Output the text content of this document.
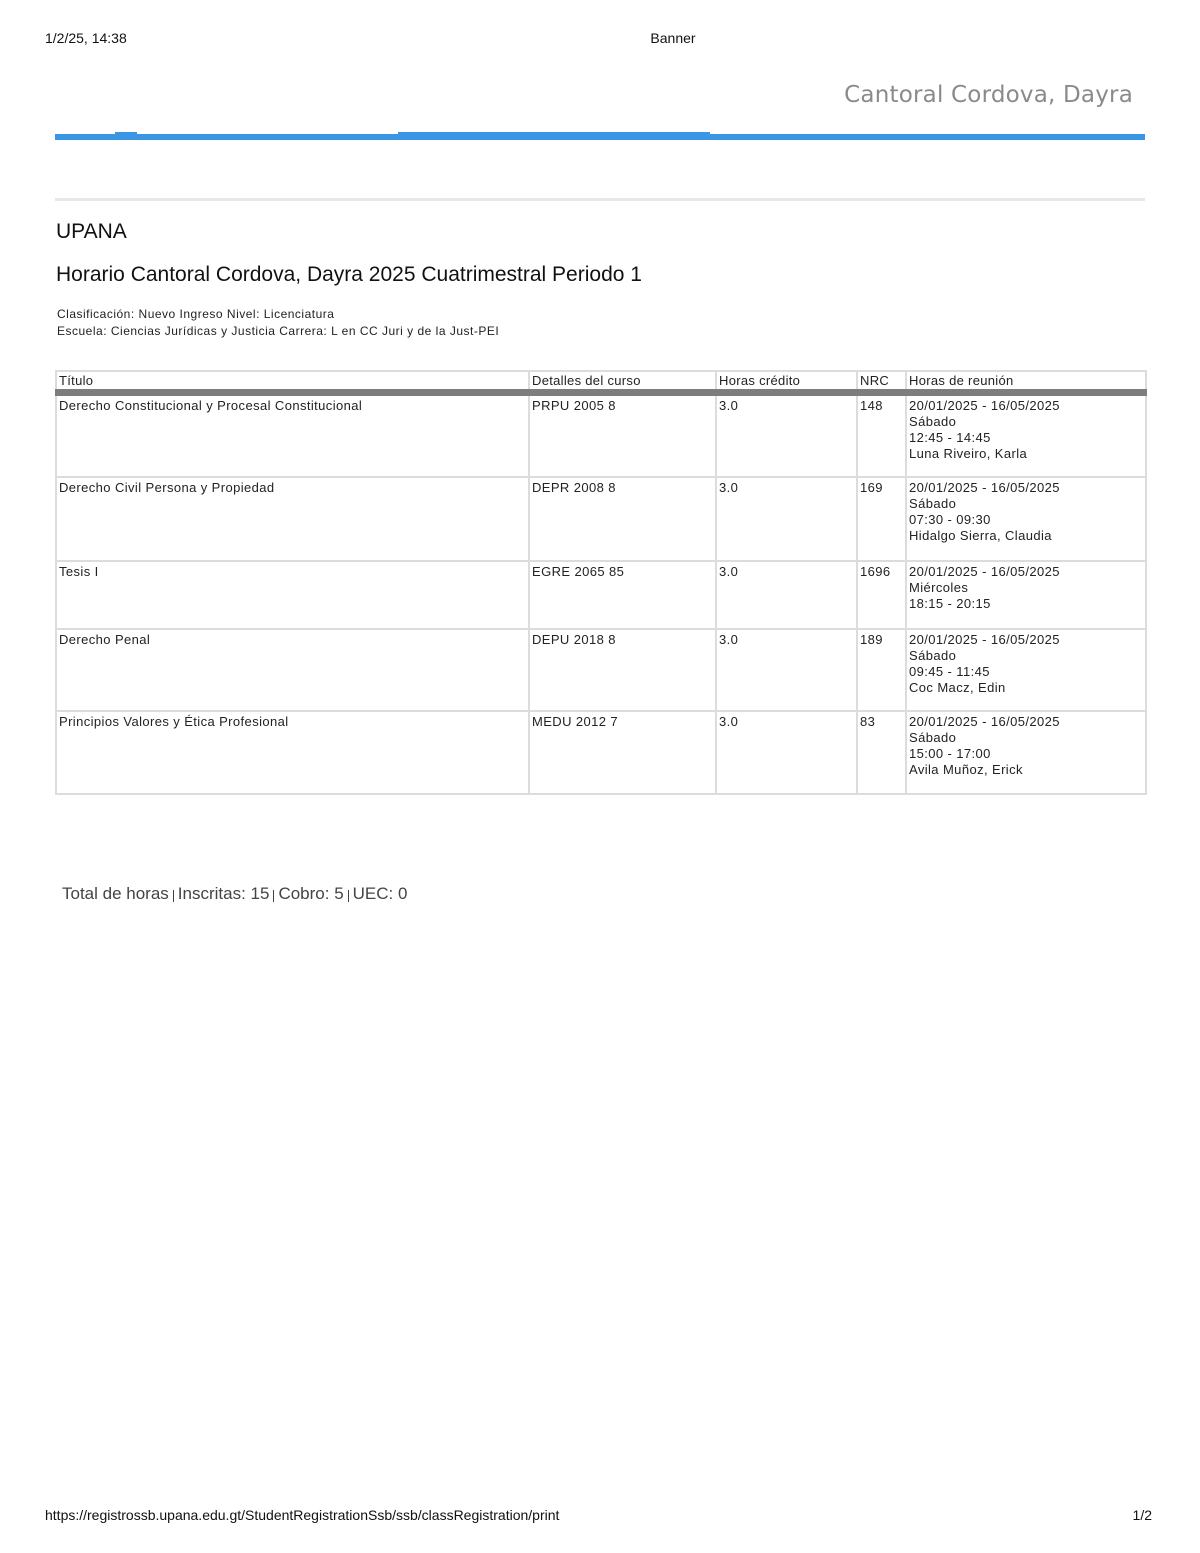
1/2/25, 14:38	Banner
Cantoral Cordova, Dayra
UPANA
Horario Cantoral Cordova, Dayra 2025 Cuatrimestral Periodo 1
Clasificación: Nuevo Ingreso Nivel: Licenciatura
Escuela: Ciencias Jurídicas y Justicia Carrera: L en CC Juri y de la Just-PEI
Título	Detalles del curso	Horas crédito	NRC	Horas de reunión
Derecho Constitucional y Procesal Constitucional	PRPU 2005 8	3.0	148	20/01/2025 - 16/05/2025
Sábado
12:45 - 14:45
Luna Riveiro, Karla

Derecho Civil Persona y Propiedad	DEPR 2008 8	3.0	169	20/01/2025 - 16/05/2025
Sábado
07:30 - 09:30
Hidalgo Sierra, Claudia

Tesis I	EGRE 2065 85	3.0	1696	20/01/2025 - 16/05/2025
Miércoles
18:15 - 20:15

Derecho Penal	DEPU 2018 8	3.0	189	20/01/2025 - 16/05/2025
Sábado
09:45 - 11:45
Coc Macz, Edin

Principios Valores y Ética Profesional	MEDU 2012 7	3.0	83	20/01/2025 - 16/05/2025
Sábado
15:00 - 17:00
Avila Muñoz, Erick
Total de horas Inscritas: 15 Cobro: 5 UEC: 0
https://registrossb.upana.edu.gt/StudentRegistrationSsb/ssb/classRegistration/print	1/2
